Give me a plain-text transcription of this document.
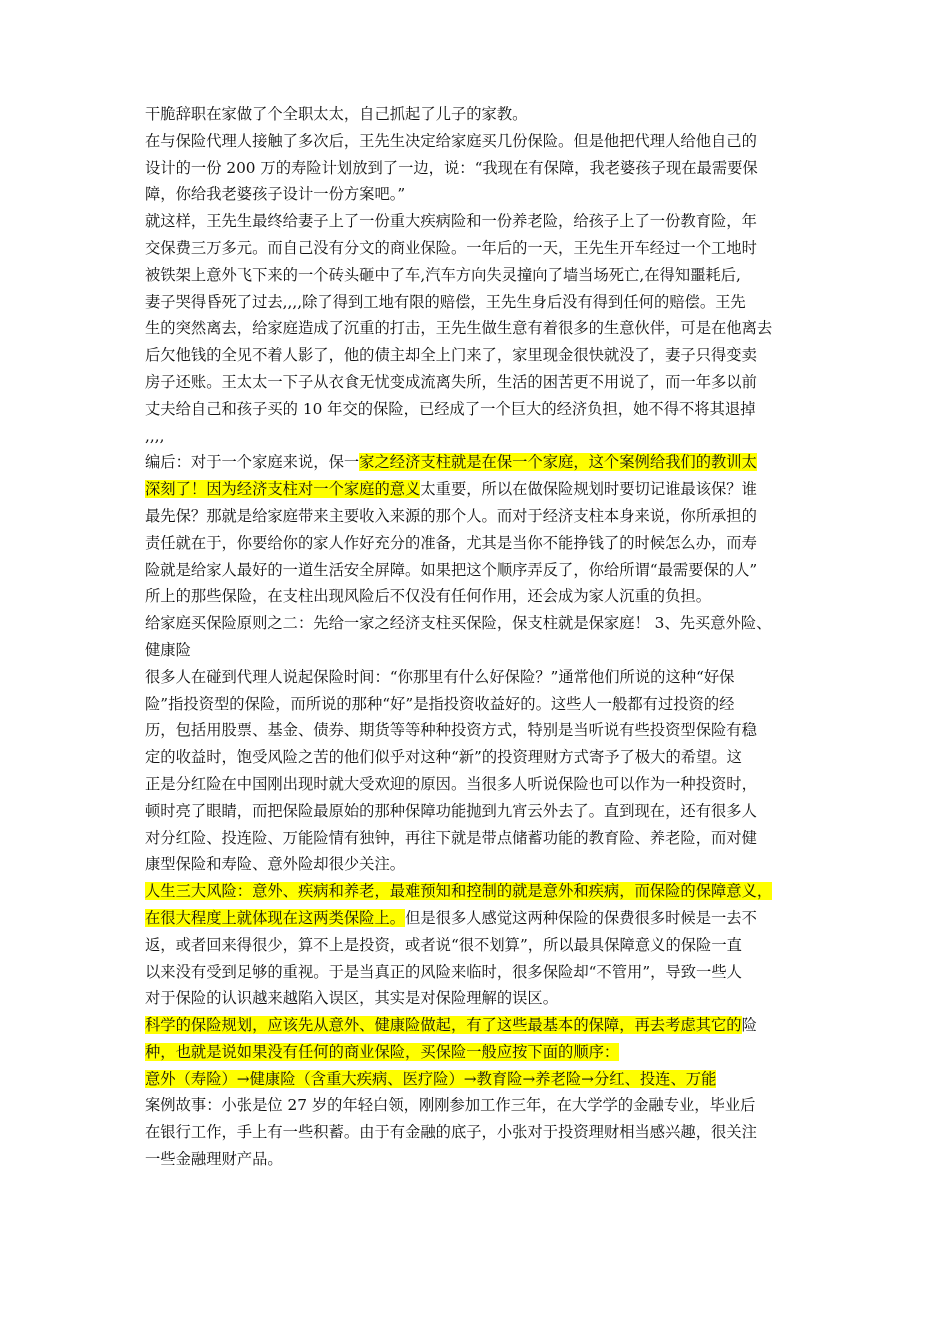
干脆辞职在家做了个全职太太，自己抓起了儿子的家教。
在与保险代理人接触了多次后，王先生决定给家庭买几份保险。但是他把代理人给他自己的
设计的一份 200 万的寿险计划放到了一边，说：“我现在有保障，我老婆孩子现在最需要保
障，你给我老婆孩子设计一份方案吧。”
就这样，王先生最终给妻子上了一份重大疾病险和一份养老险，给孩子上了一份教育险，年
交保费三万多元。而自己没有分文的商业保险。一年后的一天，王先生开车经过一个工地时
被铁架上意外飞下来的一个砖头砸中了车,汽车方向失灵撞向了墙当场死亡,在得知噩耗后,
妻子哭得昏死了过去,,,,除了得到工地有限的赔偿，王先生身后没有得到任何的赔偿。王先
生的突然离去，给家庭造成了沉重的打击，王先生做生意有着很多的生意伙伴，可是在他离去
后欠他钱的全见不着人影了，他的债主却全上门来了，家里现金很快就没了，妻子只得变卖
房子还账。王太太一下子从衣食无忧变成流离失所，生活的困苦更不用说了，而一年多以前
丈夫给自己和孩子买的 10 年交的保险，已经成了一个巨大的经济负担，她不得不将其退掉
,,,,
编后：对于一个家庭来说，保一家之经济支柱就是在保一个家庭，这个案例给我们的教训太
深刻了！因为经济支柱对一个家庭的意义太重要，所以在做保险规划时要切记谁最该保？谁
最先保？那就是给家庭带来主要收入来源的那个人。而对于经济支柱本身来说，你所承担的
责任就在于，你要给你的家人作好充分的准备，尤其是当你不能挣钱了的时候怎么办，而寿
险就是给家人最好的一道生活安全屏障。如果把这个顺序弄反了，你给所谓“最需要保的人”
所上的那些保险，在支柱出现风险后不仅没有任何作用，还会成为家人沉重的负担。
给家庭买保险原则之二：先给一家之经济支柱买保险，保支柱就是保家庭！ 3、先买意外险、
健康险
很多人在碰到代理人说起保险时间：“你那里有什么好保险？”通常他们所说的这种“好保
险”指投资型的保险，而所说的那种“好”是指投资收益好的。这些人一般都有过投资的经
历，包括用股票、基金、债券、期货等等种种投资方式，特别是当听说有些投资型保险有稳
定的收益时，饱受风险之苦的他们似乎对这种“新”的投资理财方式寄予了极大的希望。这
正是分红险在中国刚出现时就大受欢迎的原因。当很多人听说保险也可以作为一种投资时，
顿时亮了眼睛，而把保险最原始的那种保障功能抛到九宵云外去了。直到现在，还有很多人
对分红险、投连险、万能险情有独钟，再往下就是带点储蓄功能的教育险、养老险，而对健
康型保险和寿险、意外险却很少关注。
人生三大风险：意外、疾病和养老，最难预知和控制的就是意外和疾病，而保险的保障意义，
在很大程度上就体现在这两类保险上。但是很多人感觉这两种保险的保费很多时候是一去不
返，或者回来得很少，算不上是投资，或者说“很不划算”，所以最具保障意义的保险一直
以来没有受到足够的重视。于是当真正的风险来临时，很多保险却“不管用”，导致一些人
对于保险的认识越来越陷入误区，其实是对保险理解的误区。
科学的保险规划，应该先从意外、健康险做起，有了这些最基本的保障，再去考虑其它的险
种，也就是说如果没有任何的商业保险，买保险一般应按下面的顺序：
意外（寿险）→健康险（含重大疾病、医疗险）→教育险→养老险→分红、投连、万能
案例故事：小张是位 27 岁的年轻白领，刚刚参加工作三年，在大学学的金融专业，毕业后
在银行工作，手上有一些积蓄。由于有金融的底子，小张对于投资理财相当感兴趣，很关注
一些金融理财产品。
